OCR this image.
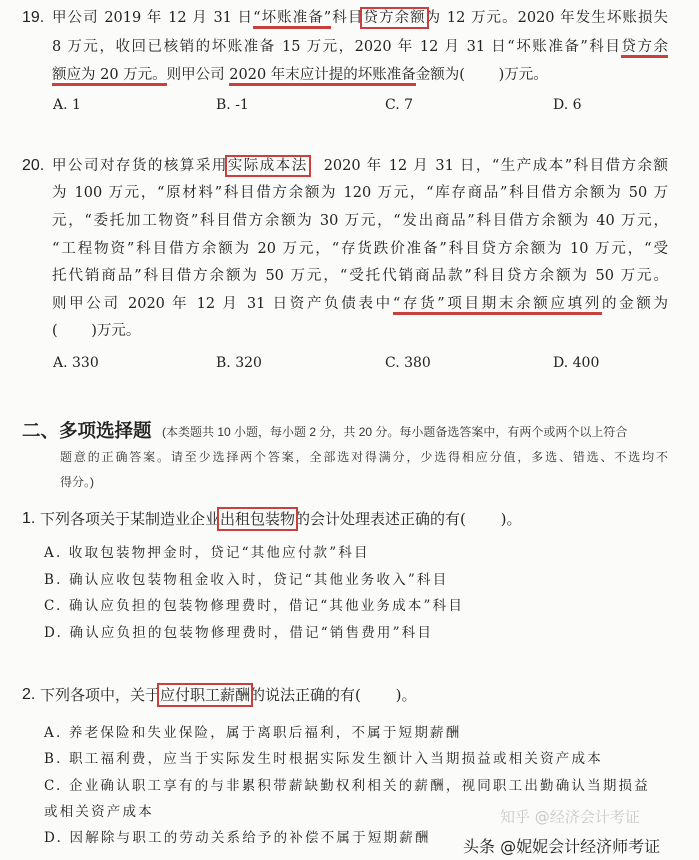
19. 甲公司 2019 年 12 月 31 日“坏账准备”科目贷方余额为 12 万元。2020 年发生坏账损失
8 万元，收回已核销的坏账准备 15 万元，2020 年 12 月 31 日“坏账准备”科目贷方余
额应为 20 万元。则甲公司 2020 年末应计提的坏账准备金额为(　　 )万元。
A. 1	B. -1	C. 7	D. 6
20. 甲公司对存货的核算采用实际成本法，2020 年 12 月 31 日，“生产成本”科目借方余额
为 100 万元，“原材料”科目借方余额为 120 万元，“库存商品”科目借方余额为 50 万
元，“委托加工物资”科目借方余额为 30 万元，“发出商品”科目借方余额为 40 万元，
“工程物资”科目借方余额为 20 万元，“存货跌价准备”科目贷方余额为 10 万元，“受
托代销商品”科目借方余额为 50 万元，“受托代销商品款”科目贷方余额为 50 万元。
则甲公司 2020 年 12 月 31 日资产负债表中“存货”项目期末余额应填列的金额为
(　　 )万元。
A. 330	B. 320	C. 380	D. 400
二、多项选择题 (本类题共 10 小题，每小题 2 分，共 20 分。每小题备选答案中，有两个或两个以上符合
题意的正确答案。请至少选择两个答案，全部选对得满分，少选得相应分值，多选、错选、不选均不
得分。)
1. 下列各项关于某制造业企业出租包装物的会计处理表述正确的有(　　 )。
A. 收取包装物押金时，贷记“其他应付款”科目
B. 确认应收包装物租金收入时，贷记“其他业务收入”科目
C. 确认应负担的包装物修理费时，借记“其他业务成本”科目
D. 确认应负担的包装物修理费时，借记“销售费用”科目
2. 下列各项中，关于应付职工薪酬的说法正确的有(　　 )。
A. 养老保险和失业保险，属于离职后福利，不属于短期薪酬
B. 职工福利费，应当于实际发生时根据实际发生额计入当期损益或相关资产成本
C. 企业确认职工享有的与非累积带薪缺勤权利相关的薪酬，视同职工出勤确认当期损益
或相关资产成本
D. 因解除与职工的劳动关系给予的补偿不属于短期薪酬
知乎 @经济会计考证
头条 @妮妮会计经济师考证
